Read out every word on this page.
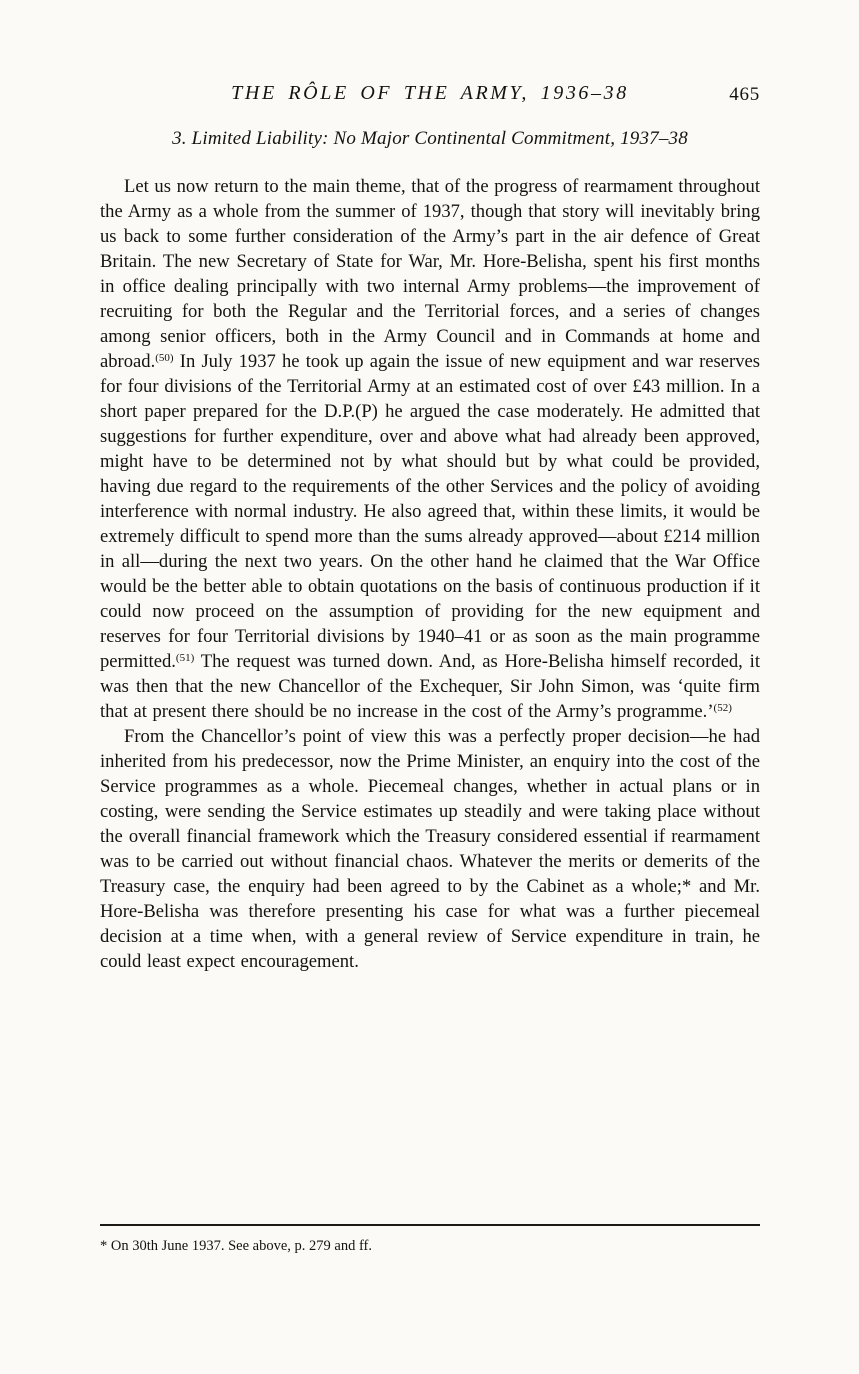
THE RÔLE OF THE ARMY, 1936–38	465
3. Limited Liability: No Major Continental Commitment, 1937–38

Let us now return to the main theme, that of the progress of rearmament throughout the Army as a whole from the summer of 1937, though that story will inevitably bring us back to some further consideration of the Army’s part in the air defence of Great Britain. The new Secretary of State for War, Mr. Hore-Belisha, spent his first months in office dealing principally with two internal Army problems—the improvement of recruiting for both the Regular and the Territorial forces, and a series of changes among senior officers, both in the Army Council and in Commands at home and abroad.$^{(50)}$ In July 1937 he took up again the issue of new equipment and war reserves for four divisions of the Territorial Army at an estimated cost of over £43 million. In a short paper prepared for the D.P.(P) he argued the case moderately. He admitted that suggestions for further expenditure, over and above what had already been approved, might have to be determined not by what should but by what could be provided, having due regard to the requirements of the other Services and the policy of avoiding interference with normal industry. He also agreed that, within these limits, it would be extremely difficult to spend more than the sums already approved—about £214 million in all—during the next two years. On the other hand he claimed that the War Office would be the better able to obtain quotations on the basis of continuous production if it could now proceed on the assumption of providing for the new equipment and reserves for four Territorial divisions by 1940–41 or as soon as the main programme permitted.$^{(51)}$ The request was turned down. And, as Hore-Belisha himself recorded, it was then that the new Chancellor of the Exchequer, Sir John Simon, was ‘quite firm that at present there should be no increase in the cost of the Army’s programme.’$^{(52)}$

From the Chancellor’s point of view this was a perfectly proper decision—he had inherited from his predecessor, now the Prime Minister, an enquiry into the cost of the Service programmes as a whole. Piecemeal changes, whether in actual plans or in costing, were sending the Service estimates up steadily and were taking place without the overall financial framework which the Treasury considered essential if rearmament was to be carried out without financial chaos. Whatever the merits or demerits of the Treasury case, the enquiry had been agreed to by the Cabinet as a whole;* and Mr. Hore-Belisha was therefore presenting his case for what was a further piecemeal decision at a time when, with a general review of Service expenditure in train, he could least expect encouragement.

* On 30th June 1937. See above, p. 279 and ff.
